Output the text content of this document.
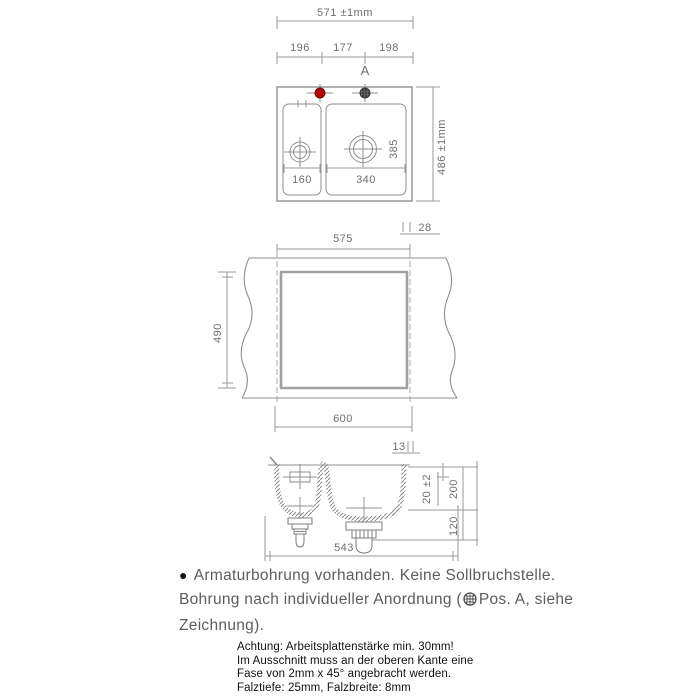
571 ±1mm
196 177 198
A
160	340
385	486 ±1mm
575
28
490
600
13
20 ±2 200
120
543
● Armaturbohrung vorhanden. Keine Sollbruchstelle.
Bohrung nach individueller Anordnung ( Pos. A, siehe
Zeichnung).
Achtung: Arbeitsplattenstärke min. 30mm!
Im Ausschnitt muss an der oberen Kante eine
Fase von 2mm x 45° angebracht werden.
Falztiefe: 25mm, Falzbreite: 8mm
